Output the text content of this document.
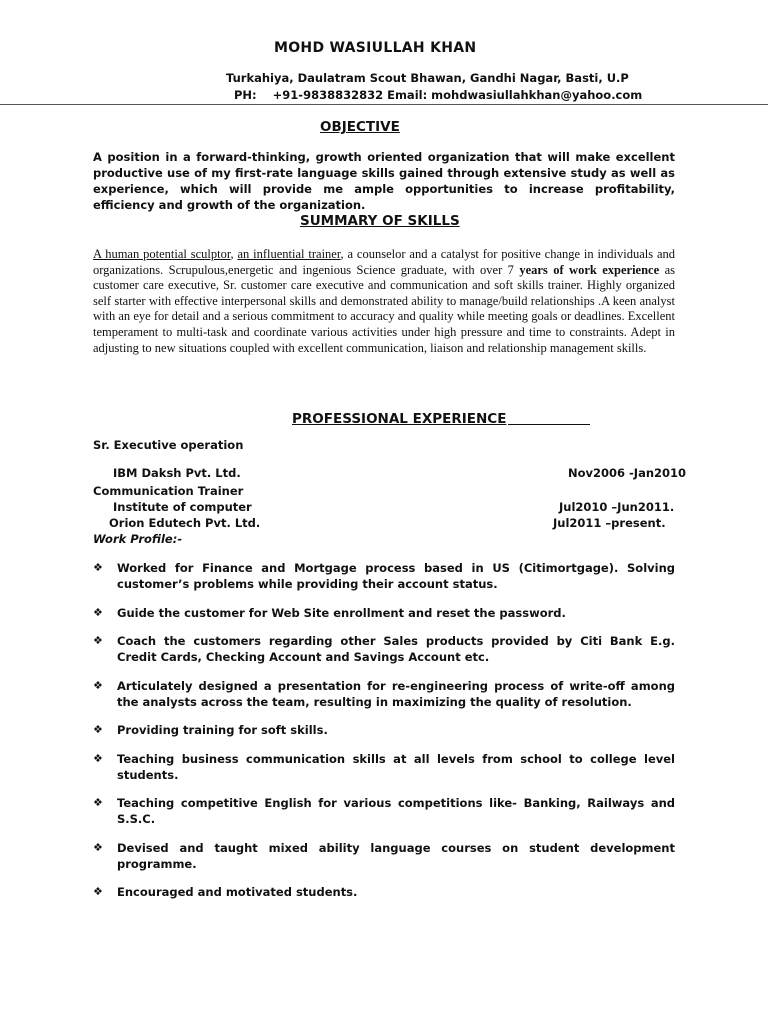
MOHD WASIULLAH KHAN
Turkahiya, Daulatram Scout Bhawan, Gandhi Nagar, Basti, U.P
PH: +91-9838832832 Email: mohdwasiullahkhan@yahoo.com
OBJECTIVE
A position in a forward-thinking, growth oriented organization that will make excellent productive use of my first-rate language skills gained through extensive study as well as experience, which will provide me ample opportunities to increase profitability, efficiency and growth of the organization.
SUMMARY OF SKILLS
A human potential sculptor, an influential trainer, a counselor and a catalyst for positive change in individuals and organizations. Scrupulous,energetic and ingenious Science graduate, with over 7 years of work experience as customer care executive, Sr. customer care executive and communication and soft skills trainer. Highly organized self starter with effective interpersonal skills and demonstrated ability to manage/build relationships .A keen analyst with an eye for detail and a serious commitment to accuracy and quality while meeting goals or deadlines. Excellent temperament to multi-task and coordinate various activities under high pressure and time to constraints. Adept in adjusting to new situations coupled with excellent communication, liaison and relationship management skills.
PROFESSIONAL EXPERIENCE
Sr. Executive operation
IBM Daksh Pvt. Ltd.	Nov2006 -Jan2010
Communication Trainer
Institute of computer	Jul2010 –Jun2011.
Orion Edutech Pvt. Ltd.	Jul2011 –present.
Work Profile:-
❖ Worked for Finance and Mortgage process based in US (Citimortgage). Solving customer’s problems while providing their account status.
❖ Guide the customer for Web Site enrollment and reset the password.
❖ Coach the customers regarding other Sales products provided by Citi Bank E.g. Credit Cards, Checking Account and Savings Account etc.
❖ Articulately designed a presentation for re-engineering process of write-off among the analysts across the team, resulting in maximizing the quality of resolution.
❖ Providing training for soft skills.
❖ Teaching business communication skills at all levels from school to college level students.
❖ Teaching competitive English for various competitions like- Banking, Railways and S.S.C.
❖ Devised and taught mixed ability language courses on student development programme.
❖ Encouraged and motivated students.
